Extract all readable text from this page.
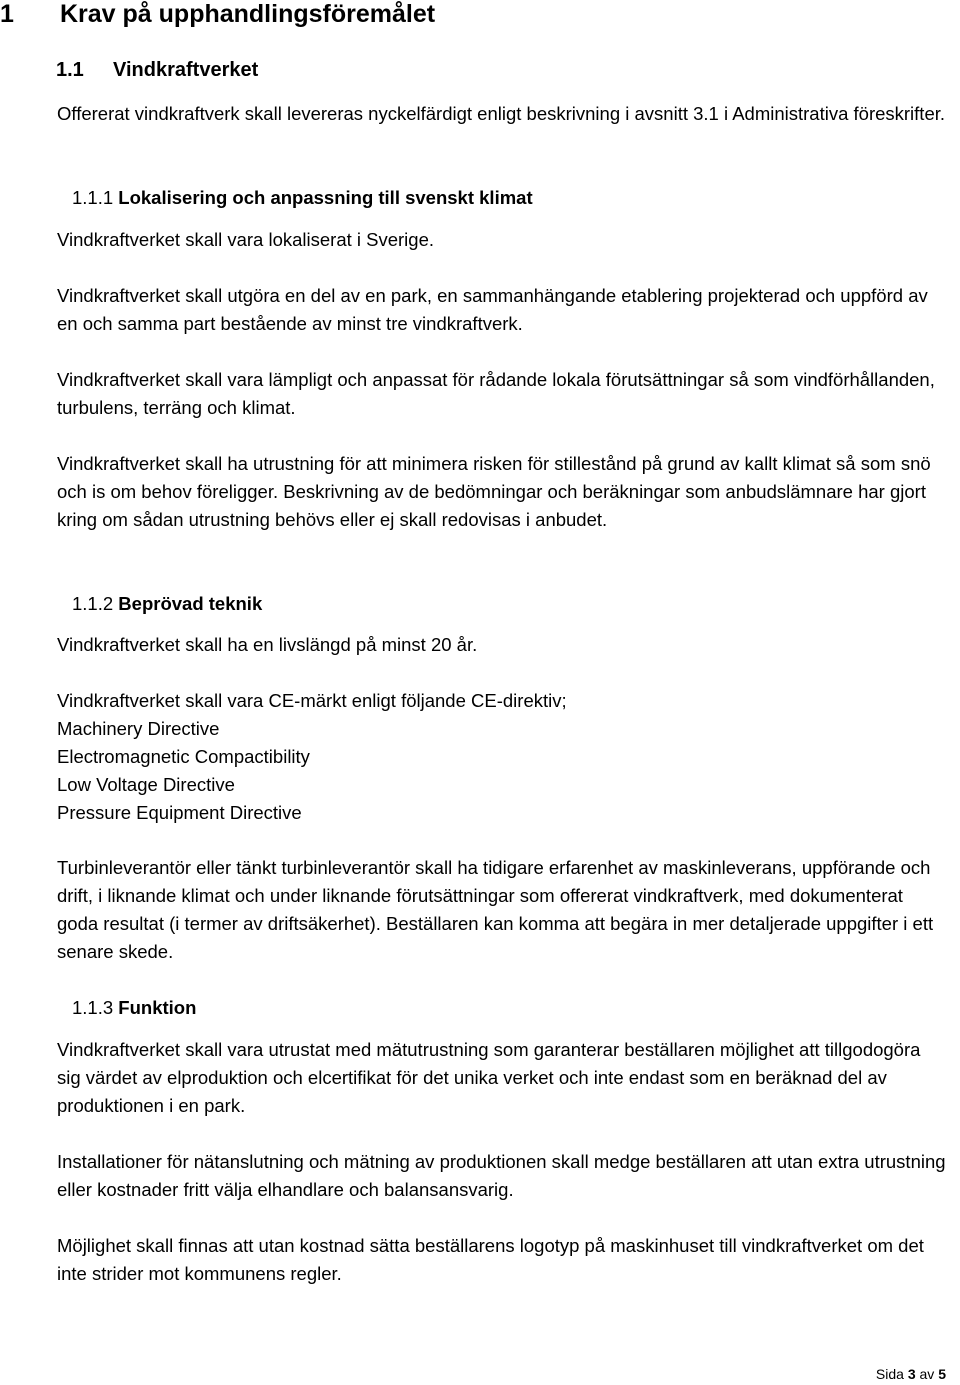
1 Krav på upphandlingsföremålet
1.1 Vindkraftverket

Offererat vindkraftverk skall levereras nyckelfärdigt enligt beskrivning i avsnitt 3.1 i Administrativa föreskrifter.

1.1.1 Lokalisering och anpassning till svenskt klimat

Vindkraftverket skall vara lokaliserat i Sverige.

Vindkraftverket skall utgöra en del av en park, en sammanhängande etablering projekterad och uppförd av en och samma part bestående av minst tre vindkraftverk.

Vindkraftverket skall vara lämpligt och anpassat för rådande lokala förutsättningar så som vindförhållanden, turbulens, terräng och klimat.

Vindkraftverket skall ha utrustning för att minimera risken för stillestånd på grund av kallt klimat så som snö och is om behov föreligger. Beskrivning av de bedömningar och beräkningar som anbudslämnare har gjort kring om sådan utrustning behövs eller ej skall redovisas i anbudet.

1.1.2 Beprövad teknik

Vindkraftverket skall ha en livslängd på minst 20 år.

Vindkraftverket skall vara CE-märkt enligt följande CE-direktiv;

Machinery Directive
Electromagnetic Compactibility
Low Voltage Directive
Pressure Equipment Directive

Turbinleverantör eller tänkt turbinleverantör skall ha tidigare erfarenhet av maskinleverans, uppförande och drift, i liknande klimat och under liknande förutsättningar som offererat vindkraftverk, med dokumenterat goda resultat (i termer av driftsäkerhet). Beställaren kan komma att begära in mer detaljerade uppgifter i ett senare skede.

1.1.3 Funktion

Vindkraftverket skall vara utrustat med mätutrustning som garanterar beställaren möjlighet att tillgodogöra sig värdet av elproduktion och elcertifikat för det unika verket och inte endast som en beräknad del av produktionen i en park.

Installationer för nätanslutning och mätning av produktionen skall medge beställaren att utan extra utrustning eller kostnader fritt välja elhandlare och balansansvarig.

Möjlighet skall finnas att utan kostnad sätta beställarens logotyp på maskinhuset till vindkraftverket om det inte strider mot kommunens regler.

Sida 3 av 5
